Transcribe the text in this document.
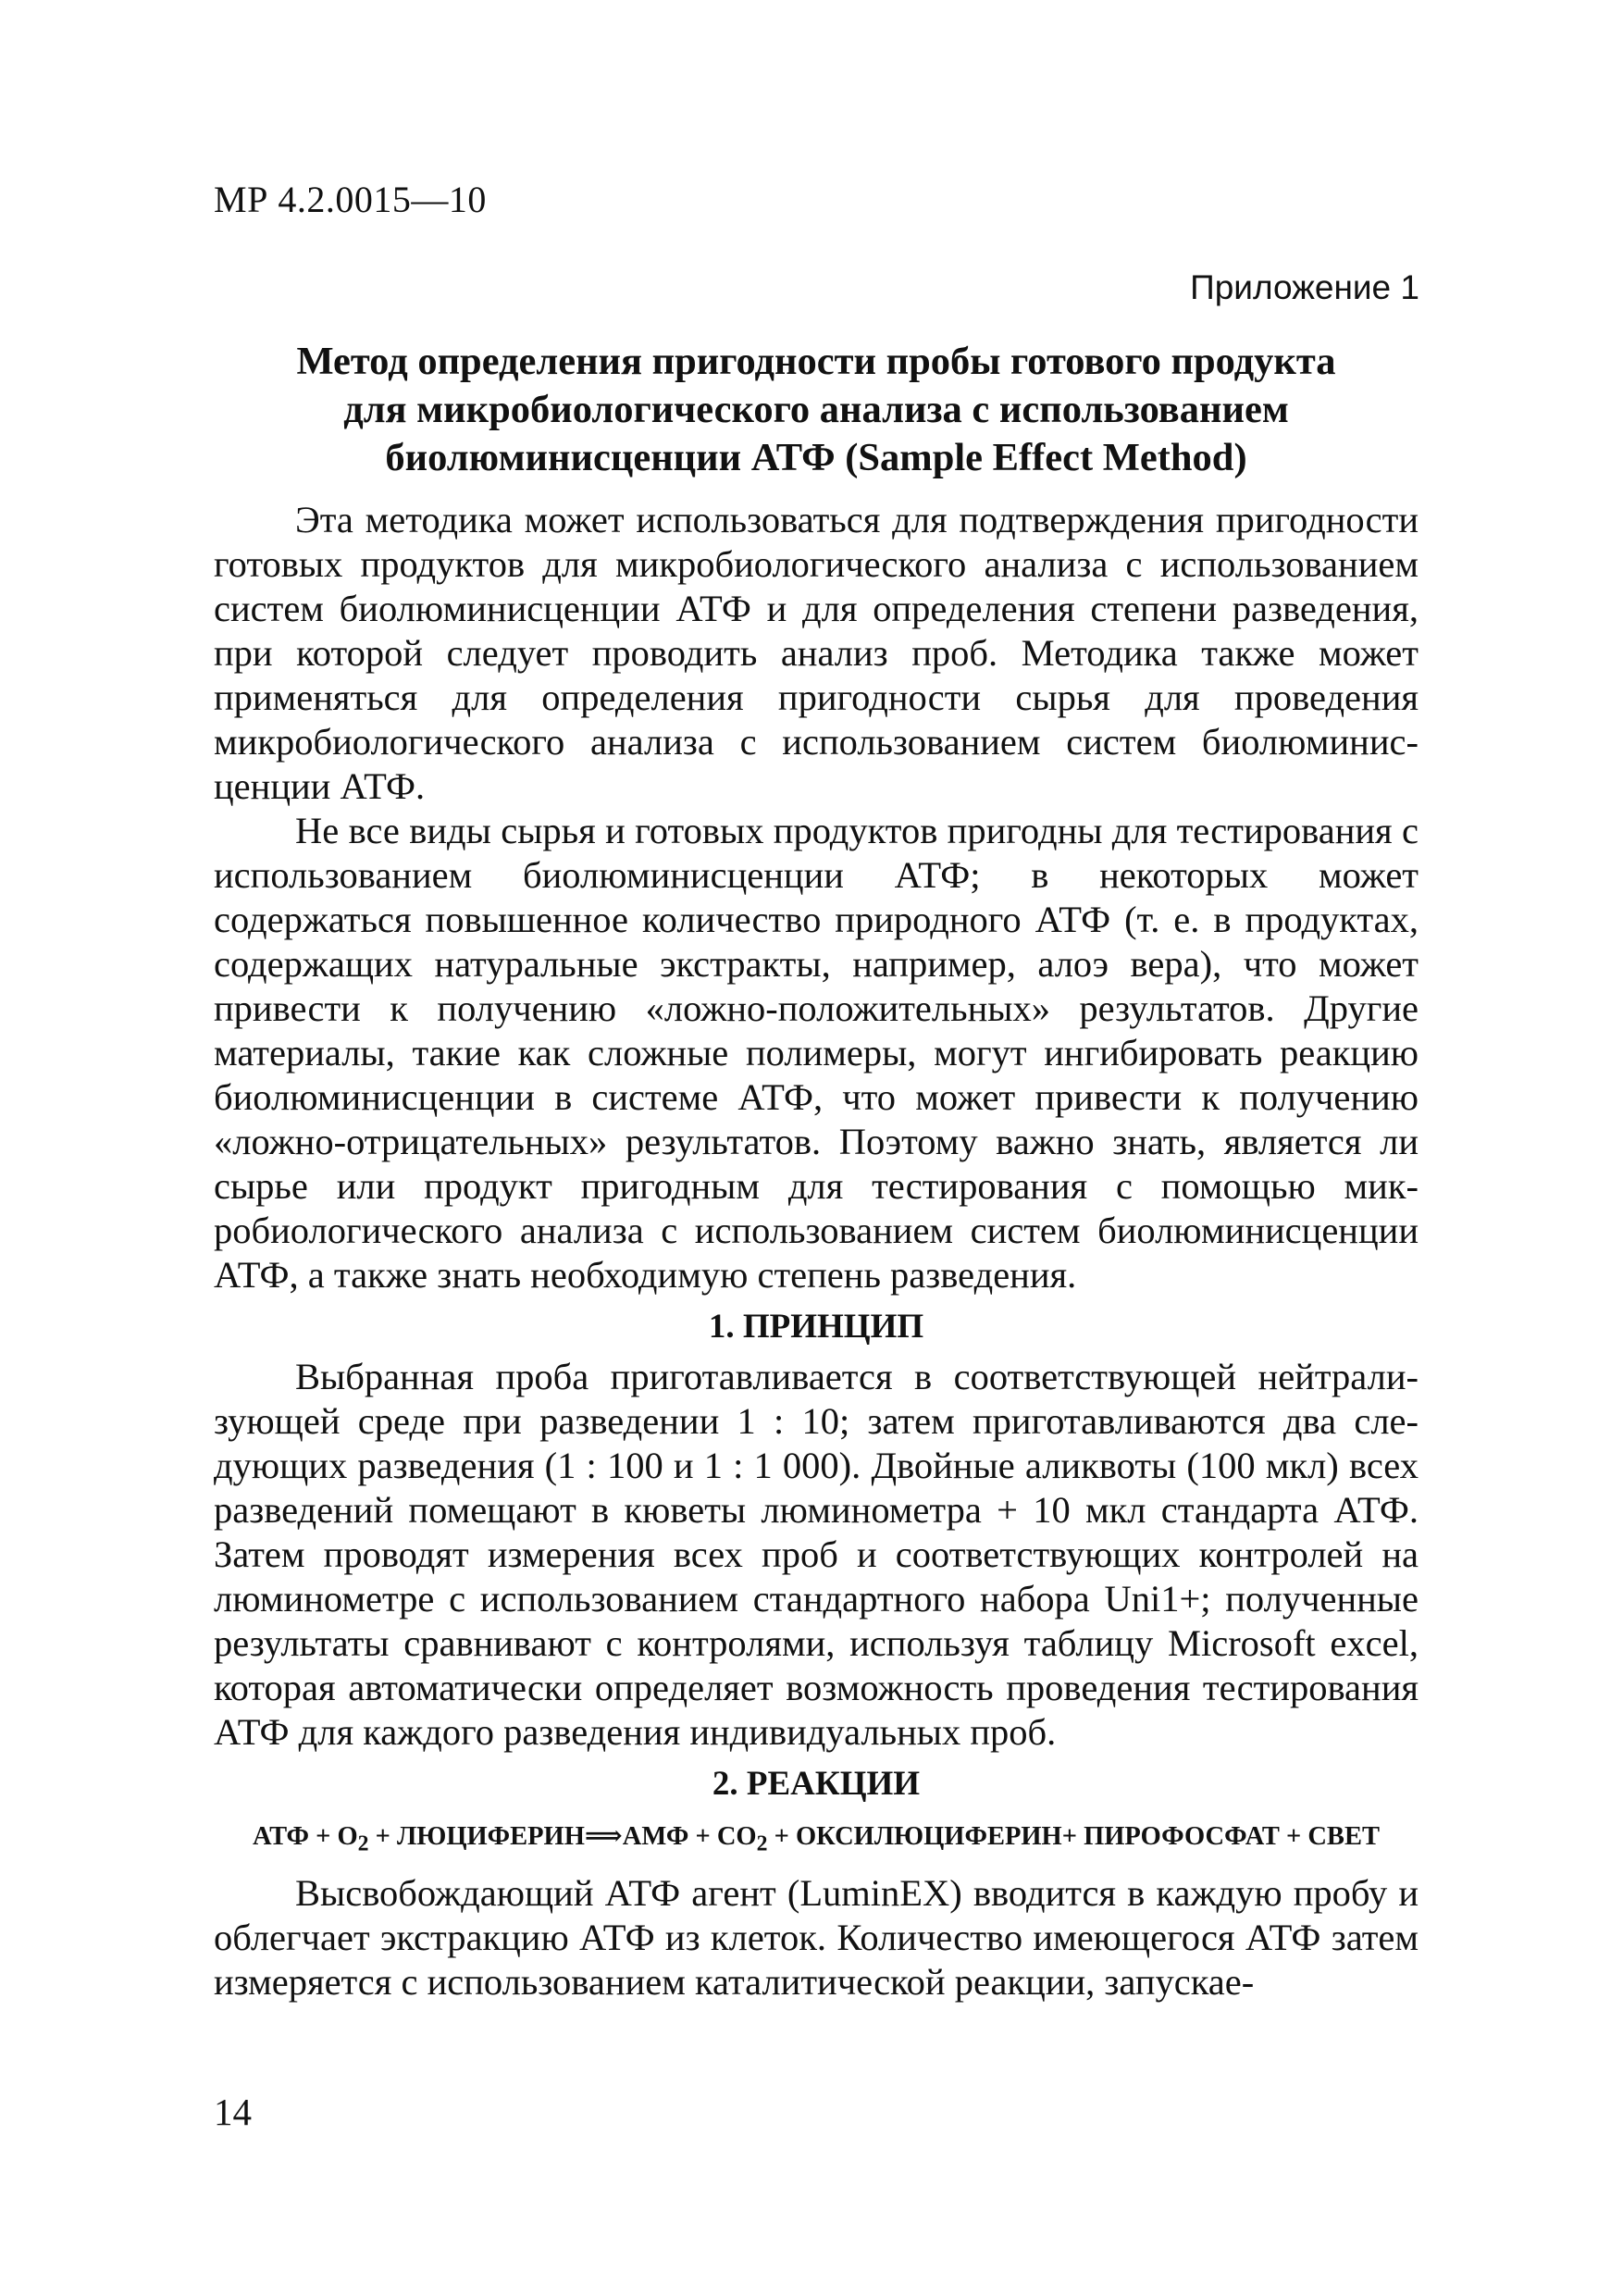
МР 4.2.0015—10
Приложение 1
Метод определения пригодности пробы готового продукта
для микробиологического анализа с использованием
биолюминисценции АТФ (Sample Effect Method)

Эта методика может использоваться для подтверждения пригодности готовых продуктов для микробиологического анализа с использованием систем биолюминисценции АТФ и для определения степени разведения, при которой следует проводить анализ проб. Методика также может применяться для определения пригодности сырья для проведения микробиологического анализа с использованием систем биолюминисценции АТФ.

Не все виды сырья и готовых продуктов пригодны для тестирования с использованием биолюминисценции АТФ; в некоторых может содержаться повышенное количество природного АТФ (т. е. в продуктах, содержащих натуральные экстракты, например, алоэ вера), что может привести к получению «ложно-положительных» результатов. Другие материалы, такие как сложные полимеры, могут ингибировать реакцию биолюминисценции в системе АТФ, что может привести к получению «ложно-отрицательных» результатов. Поэтому важно знать, является ли сырье или продукт пригодным для тестирования с помощью микробиологического анализа с использованием систем биолюминисценции АТФ, а также знать необходимую степень разведения.

1. ПРИНЦИП

Выбранная проба приготавливается в соответствующей нейтрализующей среде при разведении 1 : 10; затем приготавливаются два следующих разведения (1 : 100 и 1 : 1 000). Двойные аликвоты (100 мкл) всех разведений помещают в кюветы люминометра + 10 мкл стандарта АТФ. Затем проводят измерения всех проб и соответствующих контролей на люминометре с использованием стандартного набора Uni1+; полученные результаты сравнивают с контролями, используя таблицу Microsoft excel, которая автоматически определяет возможность проведения тестирования АТФ для каждого разведения индивидуальных проб.

2. РЕАКЦИИ
АТФ + $O_2$ + ЛЮЦИФЕРИН⟹АМФ + $CO_2$ + ОКСИЛЮЦИФЕРИН+ ПИРОФОСФАТ + СВЕТ

Высвобождающий АТФ агент (LuminEX) вводится в каждую пробу и облегчает экстракцию АТФ из клеток. Количество имеющегося АТФ затем измеряется с использованием каталитической реакции, запускае-

14
